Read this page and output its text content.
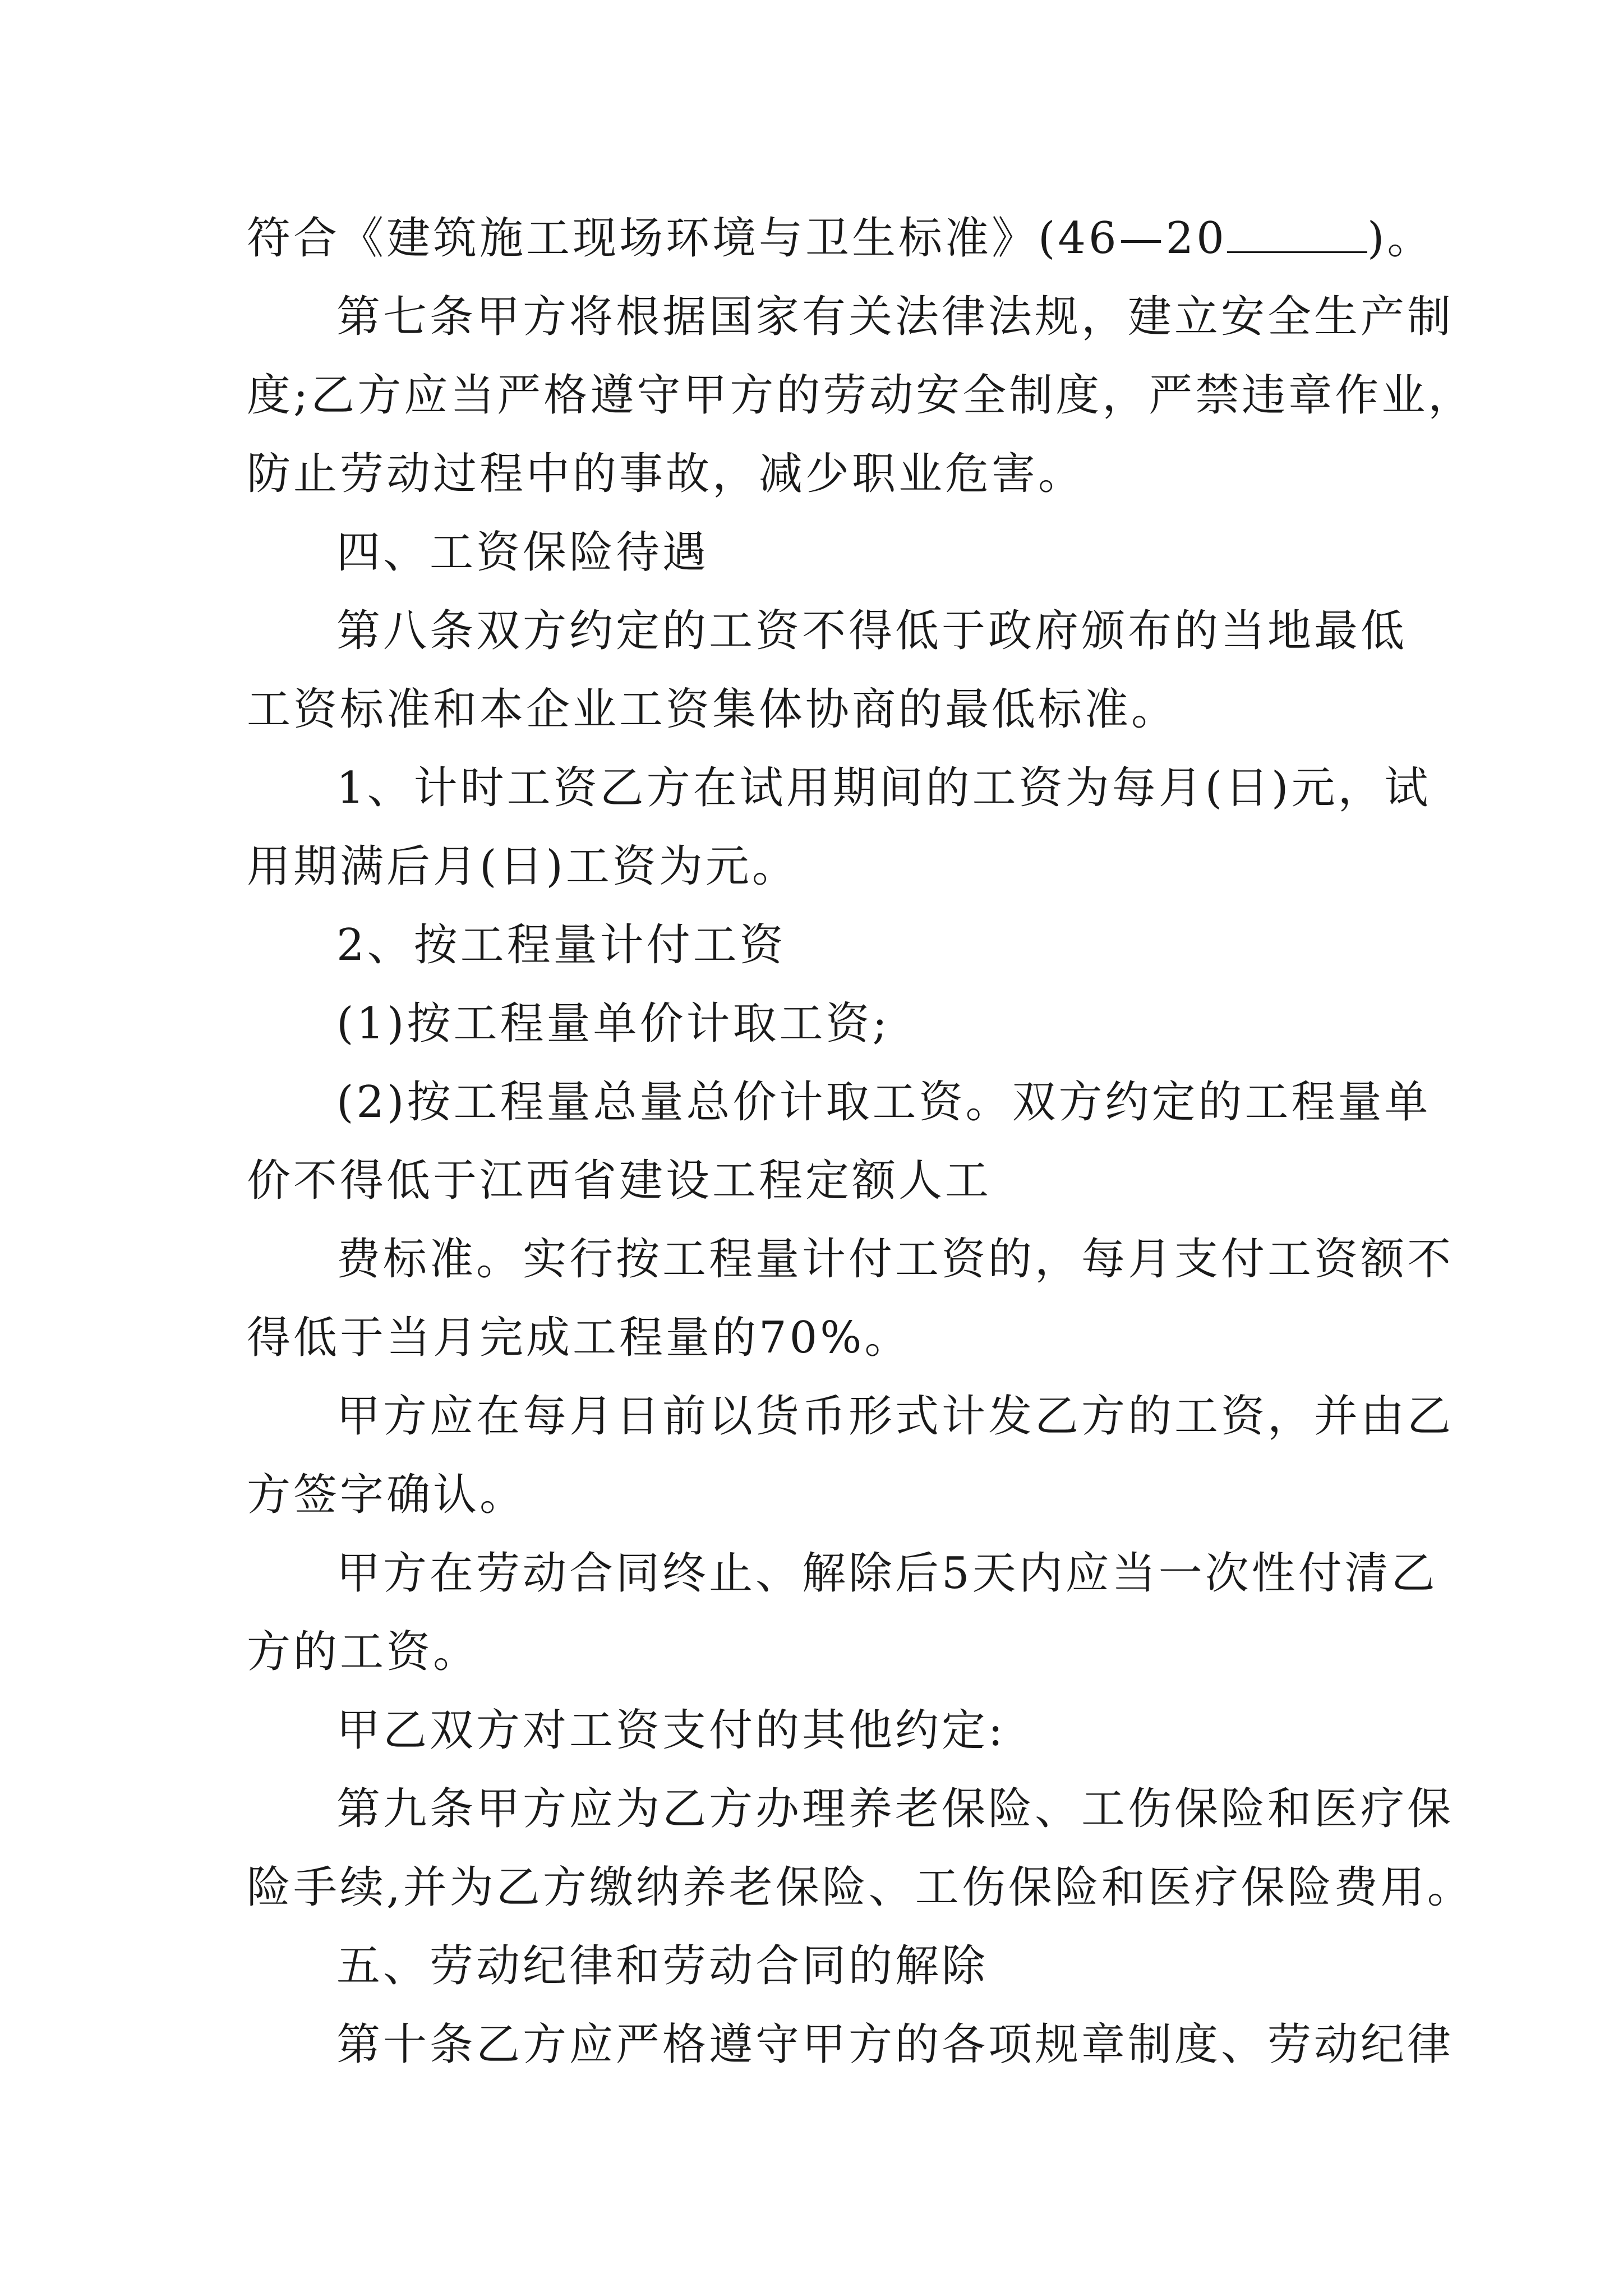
符合《建筑施工现场环境与卫生标准》(46—20	)。
第七条甲方将根据国家有关法律法规，建立安全生产制
度;乙方应当严格遵守甲方的劳动安全制度，严禁违章作业，
防止劳动过程中的事故，减少职业危害。
四、工资保险待遇
第八条双方约定的工资不得低于政府颁布的当地最低
工资标准和本企业工资集体协商的最低标准。
1、计时工资乙方在试用期间的工资为每月(日)元，试
用期满后月(日)工资为元。
2、按工程量计付工资
(1)按工程量单价计取工资;
(2)按工程量总量总价计取工资。双方约定的工程量单
价不得低于江西省建设工程定额人工
费标准。实行按工程量计付工资的，每月支付工资额不
得低于当月完成工程量的70%。
甲方应在每月日前以货币形式计发乙方的工资，并由乙
方签字确认。
甲方在劳动合同终止、解除后5天内应当一次性付清乙
方的工资。
甲乙双方对工资支付的其他约定:
第九条甲方应为乙方办理养老保险、工伤保险和医疗保
险手续,并为乙方缴纳养老保险、工伤保险和医疗保险费用。
五、劳动纪律和劳动合同的解除
第十条乙方应严格遵守甲方的各项规章制度、劳动纪律
